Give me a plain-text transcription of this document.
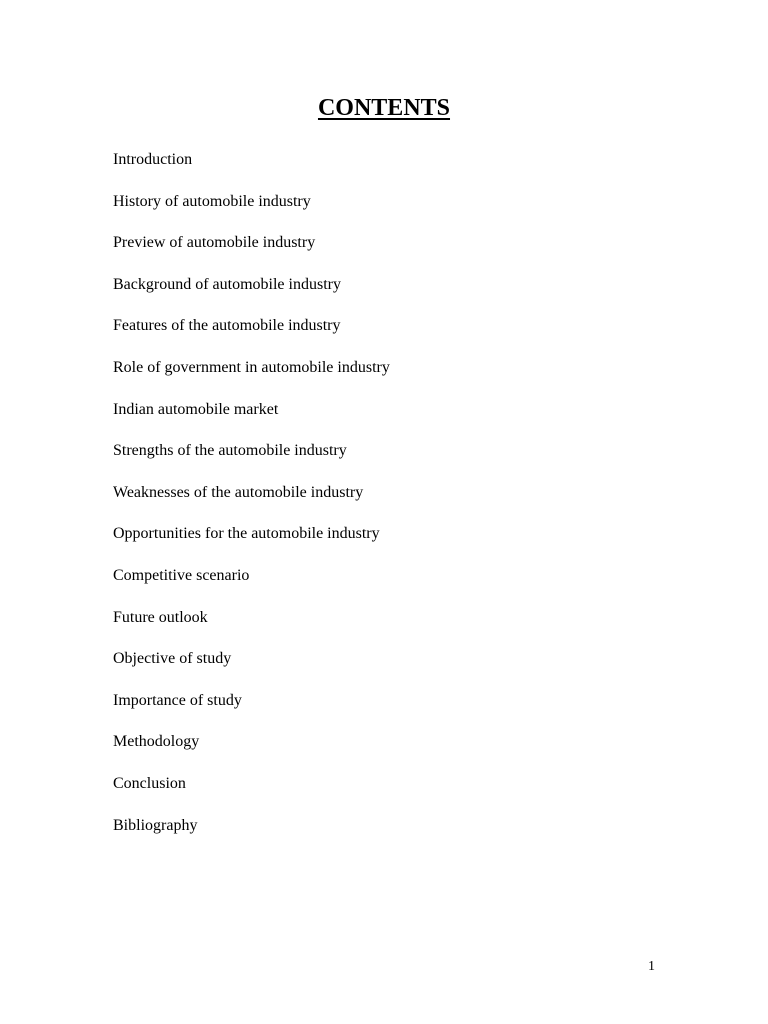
CONTENTS
Introduction
History of automobile industry
Preview of automobile industry
Background of automobile industry
Features of the automobile industry
Role of government in automobile industry
Indian automobile market
Strengths of the automobile industry
Weaknesses of the automobile industry
Opportunities for the automobile industry
Competitive scenario
Future outlook
Objective of study
Importance of study
Methodology
Conclusion
Bibliography
1
